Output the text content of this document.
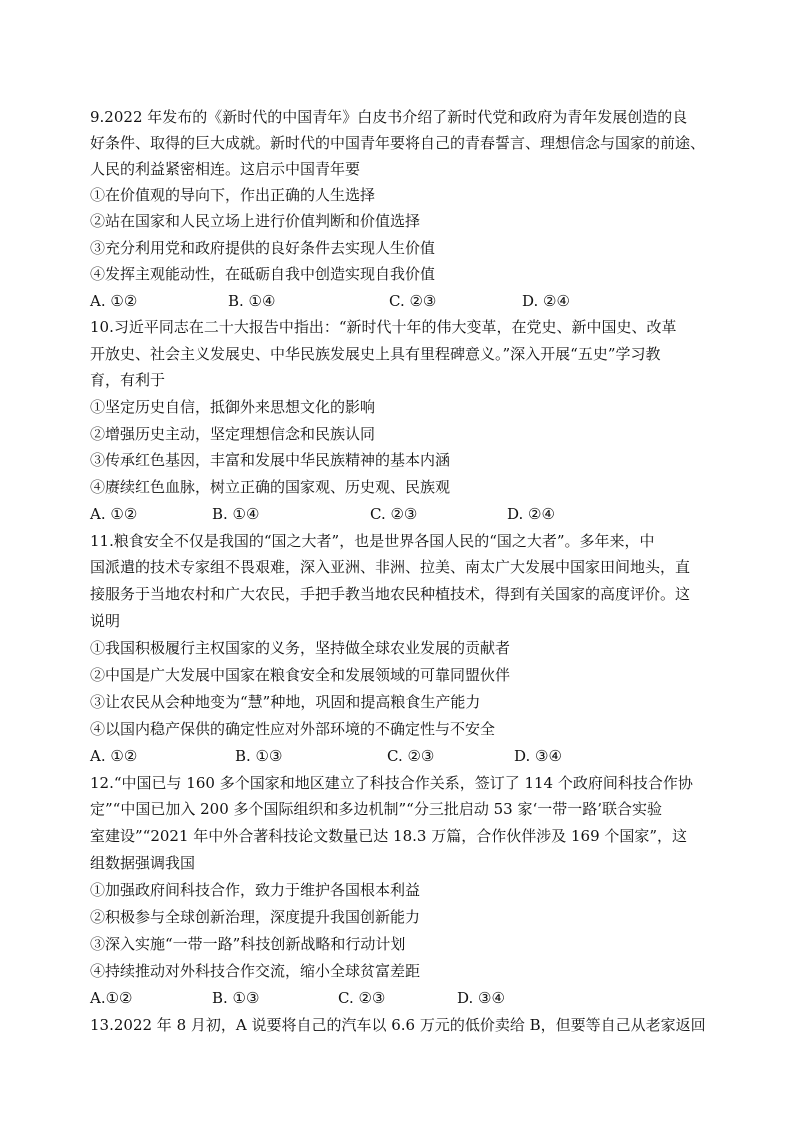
9.2022 年发布的《新时代的中国青年》白皮书介绍了新时代党和政府为青年发展创造的良
好条件、取得的巨大成就。新时代的中国青年要将自己的青春誓言、理想信念与国家的前途、
人民的利益紧密相连。这启示中国青年要
①在价值观的导向下，作出正确的人生选择
②站在国家和人民立场上进行价值判断和价值选择
③充分利用党和政府提供的良好条件去实现人生价值
④发挥主观能动性，在砥砺自我中创造实现自我价值
A. ①②	B. ①④	C. ②③	D. ②④
10.习近平同志在二十大报告中指出：“新时代十年的伟大变革，在党史、新中国史、改革
开放史、社会主义发展史、中华民族发展史上具有里程碑意义。”深入开展“五史”学习教
育，有利于
①坚定历史自信，抵御外来思想文化的影响
②增强历史主动，坚定理想信念和民族认同
③传承红色基因，丰富和发展中华民族精神的基本内涵
④赓续红色血脉，树立正确的国家观、历史观、民族观
A. ①②	B. ①④	C. ②③	D. ②④
11.粮食安全不仅是我国的“国之大者”，也是世界各国人民的“国之大者”。多年来，中
国派遣的技术专家组不畏艰难，深入亚洲、非洲、拉美、南太广大发展中国家田间地头，直
接服务于当地农村和广大农民，手把手教当地农民种植技术，得到有关国家的高度评价。这
说明
①我国积极履行主权国家的义务，坚持做全球农业发展的贡献者
②中国是广大发展中国家在粮食安全和发展领域的可靠同盟伙伴
③让农民从会种地变为“慧”种地，巩固和提高粮食生产能力
④以国内稳产保供的确定性应对外部环境的不确定性与不安全
A. ①②	B. ①③	C. ②③	D. ③④
12.“中国已与 160 多个国家和地区建立了科技合作关系，签订了 114 个政府间科技合作协
定”“中国已加入 200 多个国际组织和多边机制”“分三批启动 53 家‘一带一路’联合实验
室建设”“2021 年中外合著科技论文数量已达 18.3 万篇，合作伙伴涉及 169 个国家”，这
组数据强调我国
①加强政府间科技合作，致力于维护各国根本利益
②积极参与全球创新治理，深度提升我国创新能力
③深入实施“一带一路”科技创新战略和行动计划
④持续推动对外科技合作交流，缩小全球贫富差距
A.①②	B. ①③	C. ②③	D. ③④
13.2022 年 8 月初，A 说要将自己的汽车以 6.6 万元的低价卖给 B，但要等自己从老家返回
